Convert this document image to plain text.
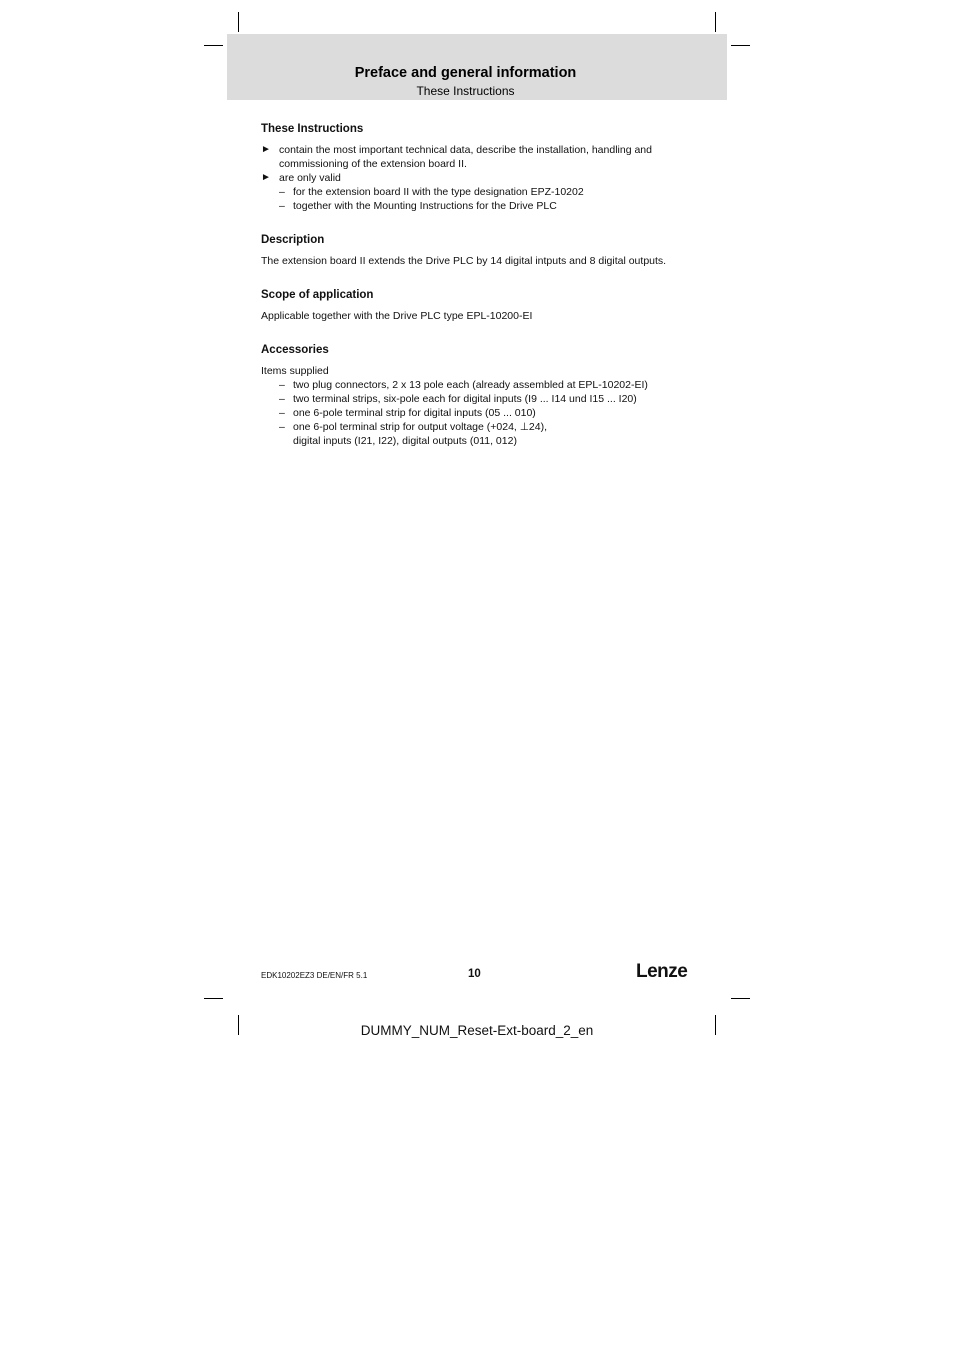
Preface and general information
These Instructions
These Instructions
► contain the most important technical data, describe the installation, handling and
commissioning of the extension board II.
► are only valid
– for the extension board II with the type designation EPZ-10202
– together with the Mounting Instructions for the Drive PLC
Description

The extension board II extends the Drive PLC by 14 digital intputs and 8 digital outputs.

Scope of application

Applicable together with the Drive PLC type EPL-10200-EI

Accessories

Items supplied

– two plug connectors, 2 x 13 pole each (already assembled at EPL-10202-EI)
– two terminal strips, six-pole each for digital inputs (I9 ... I14 und I15 ... I20)
– one 6-pole terminal strip for digital inputs (05 ... 010)
– one 6-pol terminal strip for output voltage (+024, ⊥24),
digital inputs (I21, I22), digital outputs (011, 012)
EDK10202EZ3 DE/EN/FR 5.1	10	Lenze
DUMMY_NUM_Reset-Ext-board_2_en
